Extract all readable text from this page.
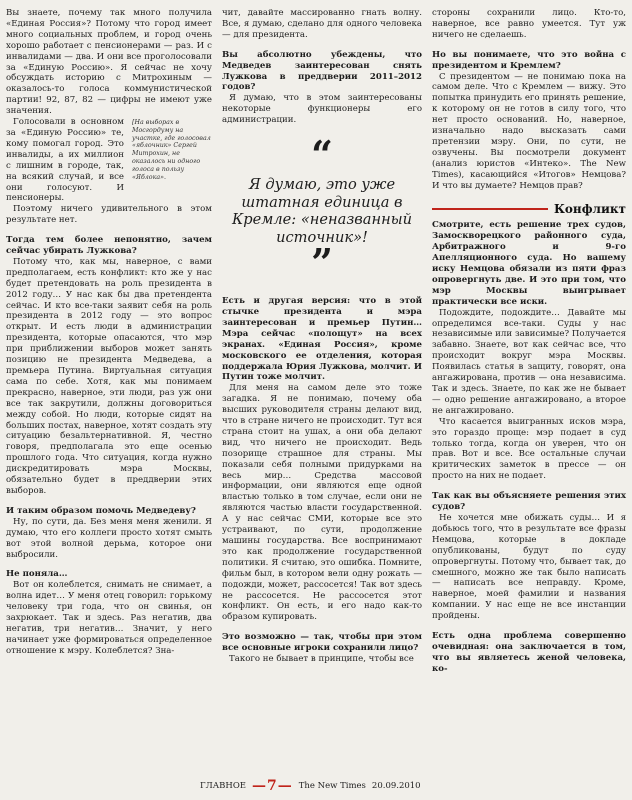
Вы знаете, почему так много получила «Единая Россия»? Потому что город имеет много социальных проблем, и город очень хорошо работает с пенсионерами — раз. И с инвалидами — два. И они все проголосовали за «Единую Россию». Я сейчас не хочу обсуждать историю с Митрохиным — оказалось-то голоса коммунистической партии! 92, 87, 82 — цифры не имеют уже значения.

Голосовали в основном за «Единую Россию» те, кому помогал город. Это инвалиды, а их миллион с лишним в городе, так, на всякий случай, и все они голосуют. И пенсионеры.

[На выборах в Мосгордуму на участке, где голосовал «яблочник» Сергей Митрохин, не оказалось ни одного голоса в пользу «Яблока».

Поэтому ничего удивительного в этом результате нет.

Тогда тем более непонятно, зачем сейчас убирать Лужкова?

Потому что, как мы, наверное, с вами предполагаем, есть конфликт: кто же у нас будет претендовать на роль президента в 2012 году… У нас как бы два претендента сейчас. И кто все-таки заявит себя на роль президента в 2012 году — это вопрос открыт. И есть люди в администрации президента, которые опасаются, что мэр при приближении выборов может занять позицию не президента Медведева, а премьера Путина. Виртуальная ситуация сама по себе. Хотя, как мы понимаем прекрасно, наверное, эти люди, раз уж они все так закрутили, должны договориться между собой. Но люди, которые сидят на больших постах, наверное, хотят создать эту ситуацию безальтернативной. Я, честно говоря, предполагала это еще осенью прошлого года. Что ситуация, когда нужно дискредитировать мэра Москвы, обязательно будет в преддверии этих выборов.

И таким образом помочь Медведеву?

Ну, по сути, да. Без меня меня женили. Я думаю, что его коллеги просто хотят смыть вот этой волной дерьма, которое они выбросили.

Не поняла…

Вот он колеблется, снимать не снимает, а волна идет… У меня отец говорил: горькому человеку три года, что он свинья, он захрюкает. Так и здесь. Раз негатив, два негатив, три негатив… Значит, у него начинает уже формироваться определенное отношение к мэру. Колеблется? Зна-

чит, давайте массированно гнать волну. Все, я думаю, сделано для одного человека — для президента.

Вы абсолютно убеждены, что Медведев заинтересован снять Лужкова в преддверии 2011–2012 годов?

Я думаю, что в этом заинтересованы некоторые функционеры его администрации.

“
Я думаю, это уже штатная единица в Кремле: «неназванный источник»!
”

Есть и другая версия: что в этой стычке президента и мэра заинтересован и премьер Путин… Мэра сейчас «полощут» на всех экранах. «Единая Россия», кроме московского ее отделения, которая поддержала Юрия Лужкова, молчит. И Путин тоже молчит.

Для меня на самом деле это тоже загадка. Я не понимаю, почему оба высших руководителя страны делают вид, что в стране ничего не происходит. Тут вся страна стоит на ушах, а они оба делают вид, что ничего не происходит. Ведь позорище страшное для страны. Мы показали себя полными придурками на весь мир… Средства массовой информации, они являются еще одной властью только в том случае, если они не являются частью власти государственной. А у нас сейчас СМИ, которые все это устраивают, по сути, продолжение машины государства. Все воспринимают это как продолжение государственной политики. Я считаю, это ошибка. Помните, фильм был, в котором вели одну рожать — подожди, может, рассосется! Так вот здесь не рассосется. Не рассосется этот конфликт. Он есть, и его надо как-то образом купировать.

Это возможно — так, чтобы при этом все основные игроки сохранили лицо?

Такого не бывает в принципе, чтобы все

стороны сохранили лицо. Кто-то, наверное, все равно умеется. Тут уж ничего не сделаешь.

Но вы понимаете, что это война с президентом и Кремлем?

С президентом — не понимаю пока на самом деле. Что с Кремлем — вижу. Это попытка принудить его принять решение, к которому он не готов в силу того, что нет просто оснований. Но, наверное, изначально надо высказать сами претензии мэру. Они, по сути, не озвучены. Вы посмотрели документ (анализ юристов «Интеко». The New Times), касающийся «Итогов» Немцова? И что вы думаете? Немцов прав?

Конфликт

Смотрите, есть решение трех судов, Замоскворецкого районного суда, Арбитражного и 9-го Апелляционного суда. Но вашему иску Немцова обязали из пяти фраз опровергнуть две. И это при том, что мэр Москвы выигрывает практически все иски.

Подождите, подождите… Давайте мы определимся все-таки. Суды у нас независимые или зависимые? Получается забавно. Знаете, вот как сейчас все, что происходит вокруг мэра Москвы. Появилась статья в защиту, говорят, она ангажирована, против — она независима. Так и здесь. Знаете, по как же не бывает — одно решение ангажировано, а второе не ангажировано.

Что касается выигранных исков мэра, это гораздо проще: мэр подает в суд только тогда, когда он уверен, что он прав. Вот и все. Все остальные случаи критических заметок в прессе — он просто на них не подает.

Так как вы объясняете решения этих судов?

Не хочется мне обижать суды… И я добьюсь того, что в результате все фразы Немцова, которые в докладе опубликованы, будут по суду опровергнуты. Потому что, бывает так, до смешного, можно же так было написать — написать все неправду. Кроме, наверное, моей фамилии и названия компании. У нас еще не все инстанции пройдены.

Есть одна проблема совершенно очевидная: она заключается в том, что вы являетесь женой человека, ко-

ГЛАВНОЕ —7— The New Times 20.09.2010
